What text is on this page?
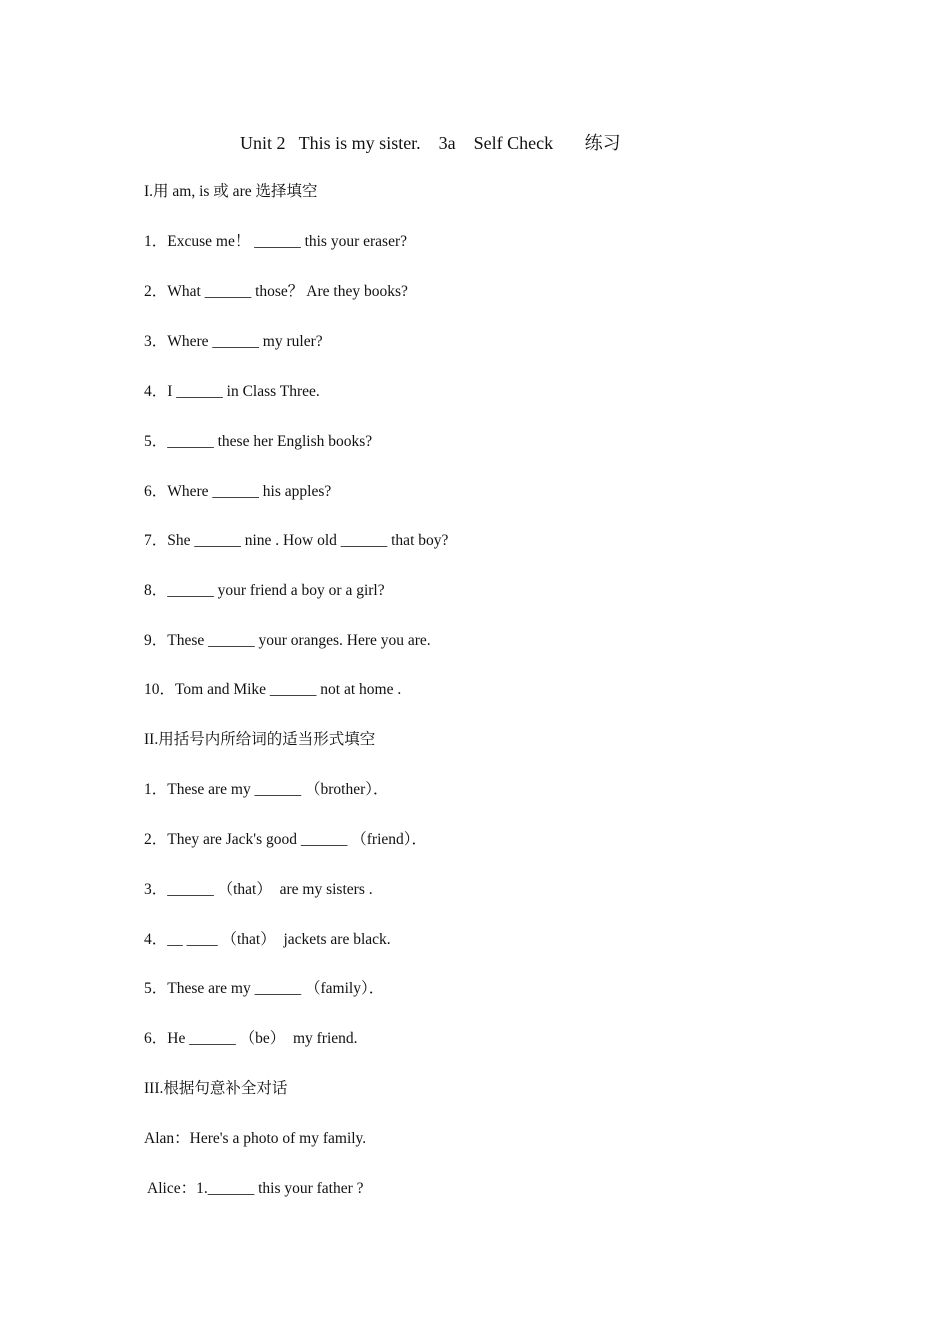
Unit 2   This is my sister.    3a    Self Check       练习
I.用 am, is 或 are 选择填空
1．Excuse me！ ______ this your eraser?
2．What ______ those？ Are they books?
3．Where ______ my ruler?
4．I ______ in Class Three.
5．______ these her English books?
6．Where ______ his apples?
7．She ______ nine . How old ______ that boy?
8．______ your friend a boy or a girl?
9．These ______ your oranges. Here you are.
10．Tom and Mike ______ not at home .
II.用括号内所给词的适当形式填空
1．These are my ______ （brother）．
2．They are Jack's good ______ （friend）．
3．______ （that）  are my sisters .
4．__ ____ （that）  jackets are black.
5．These are my ______ （family）．
6．He ______ （be）  my friend.
III.根据句意补全对话
Alan：Here's a photo of my family.
Alice：1.______ this your father ?
